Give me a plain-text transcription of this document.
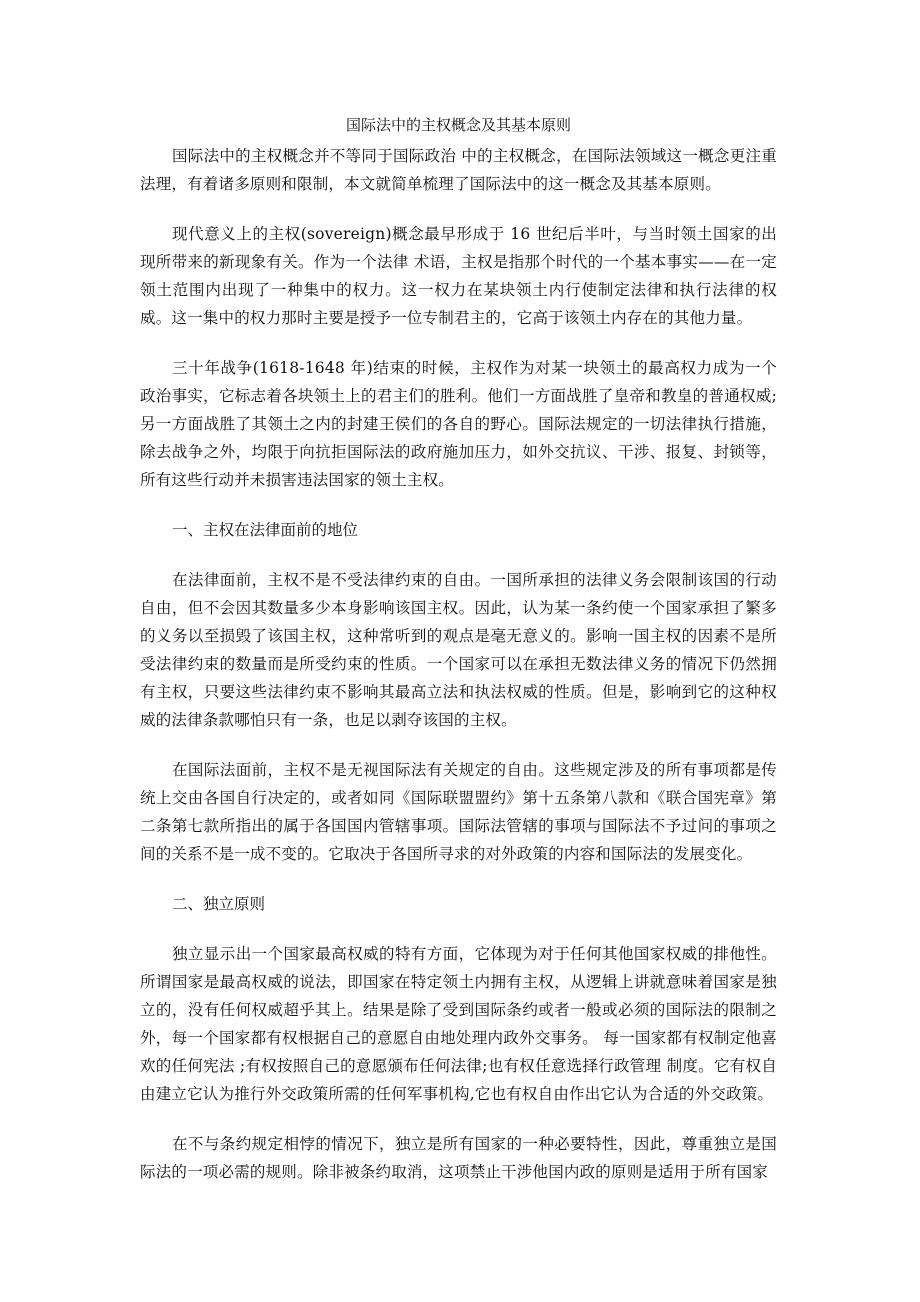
国际法中的主权概念及其基本原则

国际法中的主权概念并不等同于国际政治 中的主权概念，在国际法领域这一概念更注重法理，有着诸多原则和限制，本文就简单梳理了国际法中的这一概念及其基本原则。

现代意义上的主权(sovereign)概念最早形成于 16 世纪后半叶，与当时领土国家的出现所带来的新现象有关。作为一个法律 术语，主权是指那个时代的一个基本事实——在一定领土范围内出现了一种集中的权力。这一权力在某块领土内行使制定法律和执行法律的权威。这一集中的权力那时主要是授予一位专制君主的，它高于该领土内存在的其他力量。

三十年战争(1618-1648 年)结束的时候，主权作为对某一块领土的最高权力成为一个政治事实，它标志着各块领土上的君主们的胜利。他们一方面战胜了皇帝和教皇的普通权威;另一方面战胜了其领土之内的封建王侯们的各自的野心。国际法规定的一切法律执行措施，除去战争之外，均限于向抗拒国际法的政府施加压力，如外交抗议、干涉、报复、封锁等，所有这些行动并未损害违法国家的领土主权。

一、主权在法律面前的地位

在法律面前，主权不是不受法律约束的自由。一国所承担的法律义务会限制该国的行动自由，但不会因其数量多少本身影响该国主权。因此，认为某一条约使一个国家承担了繁多的义务以至损毁了该国主权，这种常听到的观点是毫无意义的。影响一国主权的因素不是所受法律约束的数量而是所受约束的性质。一个国家可以在承担无数法律义务的情况下仍然拥有主权，只要这些法律约束不影响其最高立法和执法权威的性质。但是，影响到它的这种权威的法律条款哪怕只有一条，也足以剥夺该国的主权。

在国际法面前，主权不是无视国际法有关规定的自由。这些规定涉及的所有事项都是传统上交由各国自行决定的，或者如同《国际联盟盟约》第十五条第八款和《联合国宪章》第二条第七款所指出的属于各国国内管辖事项。国际法管辖的事项与国际法不予过问的事项之间的关系不是一成不变的。它取决于各国所寻求的对外政策的内容和国际法的发展变化。

二、独立原则

独立显示出一个国家最高权威的特有方面，它体现为对于任何其他国家权威的排他性。所谓国家是最高权威的说法，即国家在特定领土内拥有主权，从逻辑上讲就意味着国家是独立的，没有任何权威超乎其上。结果是除了受到国际条约或者一般或必须的国际法的限制之外，每一个国家都有权根据自己的意愿自由地处理内政外交事务。 每一国家都有权制定他喜欢的任何宪法 ;有权按照自己的意愿颁布任何法律;也有权任意选择行政管理 制度。它有权自由建立它认为推行外交政策所需的任何军事机构,它也有权自由作出它认为合适的外交政策。

在不与条约规定相悖的情况下，独立是所有国家的一种必要特性，因此，尊重独立是国际法的一项必需的规则。除非被条约取消，这项禁止干涉他国内政的原则是适用于所有国家
